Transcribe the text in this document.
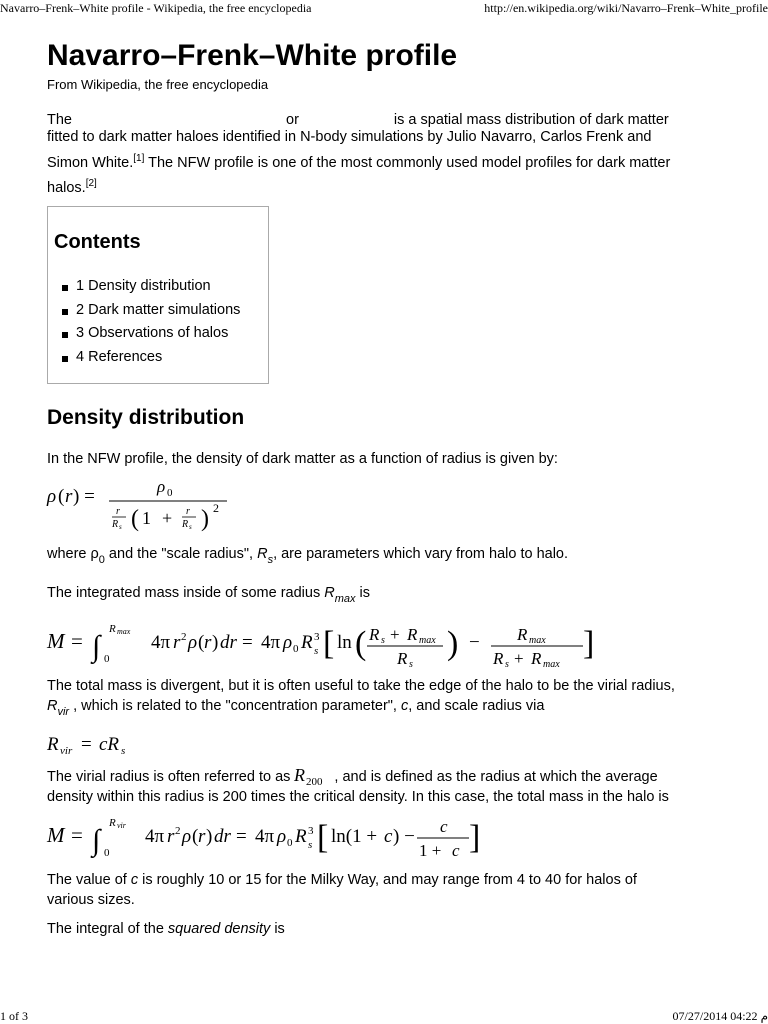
Navarro–Frenk–White profile - Wikipedia, the free encyclopedia	http://en.wikipedia.org/wiki/Navarro–Frenk–White_profile
Navarro–Frenk–White profile
From Wikipedia, the free encyclopedia

The	or	is a spatial mass distribution of dark matter

fitted to dark matter haloes identified in N-body simulations by Julio Navarro, Carlos Frenk and

Simon White.[1] The NFW profile is one of the most commonly used model profiles for dark matter

halos.[2]

Contents
1 Density distribution
2 Dark matter simulations
3 Observations of halos
4 References
Density distribution

In the NFW profile, the density of dark matter as a function of radius is given by:

ρ ( r ) =	ρ 0
r
R s ( 1 + r
R s ) 2

where $\rho_0$ and the "scale radius", $R_s$, are parameters which vary from halo to halo.

The integrated mass inside of some radius $R_{max}$ is

M = ∫
R max
0
4π r 2 ρ ( r ) dr = 4π ρ 0 R 3
s [ ln ( R s + R max
R s
) − R max
R s + R max
]

The total mass is divergent, but it is often useful to take the edge of the halo to be the virial radius,
$R_{vir}$ , which is related to the "concentration parameter", c, and scale radius via

R vir = cR s

The virial radius is often referred to as R 200 , and is defined as the radius at which the average
density within this radius is 200 times the critical density. In this case, the total mass in the halo is

M = ∫
R vir
0
4π r 2 ρ ( r ) dr = 4π ρ 0 R 3
s [ ln(1 + c ) − c
1 + c ]

The value of c is roughly 10 or 15 for the Milky Way, and may range from 4 to 40 for halos of
various sizes.

The integral of the squared density is

1 of 3	07/27/2014 04:22 م
